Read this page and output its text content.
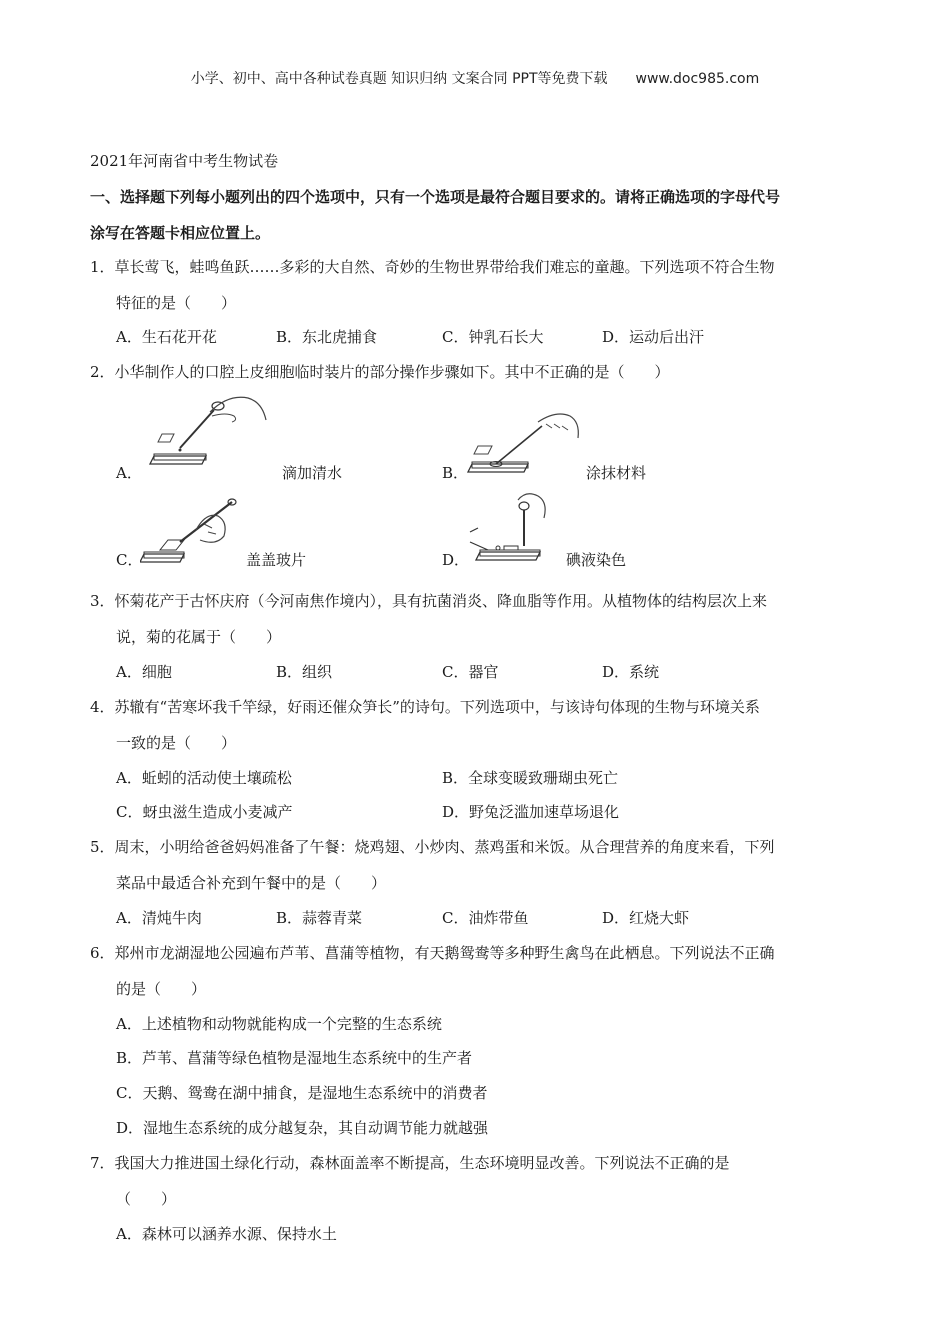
小学、初中、高中各种试卷真题 知识归纳 文案合同 PPT等免费下载 www.doc985.com
2021年河南省中考生物试卷
一、选择题下列每小题列出的四个选项中，只有一个选项是最符合题目要求的。请将正确选项的字母代号
涂写在答题卡相应位置上。
1．草长莺飞，蛙鸣鱼跃……多彩的大自然、奇妙的生物世界带给我们难忘的童趣。下列选项不符合生物
特征的是（　　）
A．生石花开花	B．东北虎捕食	C．钟乳石长大	D．运动后出汗
2．小华制作人的口腔上皮细胞临时装片的部分操作步骤如下。其中不正确的是（　　）
A．	滴加清水	B．	涂抹材料
C．	盖盖玻片	D．	碘液染色
3．怀菊花产于古怀庆府（今河南焦作境内），具有抗菌消炎、降血脂等作用。从植物体的结构层次上来
说，菊的花属于（　　）
A．细胞	B．组织	C．器官	D．系统
4．苏辙有“苦寒坏我千竿绿，好雨还催众笋长”的诗句。下列选项中，与该诗句体现的生物与环境关系
一致的是（　　）
A．蚯蚓的活动使土壤疏松	B．全球变暖致珊瑚虫死亡
C．蚜虫滋生造成小麦减产	D．野兔泛滥加速草场退化
5．周末，小明给爸爸妈妈准备了午餐：烧鸡翅、小炒肉、蒸鸡蛋和米饭。从合理营养的角度来看，下列
菜品中最适合补充到午餐中的是（　　）
A．清炖牛肉	B．蒜蓉青菜	C．油炸带鱼	D．红烧大虾
6．郑州市龙湖湿地公园遍布芦苇、菖蒲等植物，有天鹅鸳鸯等多种野生禽鸟在此栖息。下列说法不正确
的是（　　）
A．上述植物和动物就能构成一个完整的生态系统
B．芦苇、菖蒲等绿色植物是湿地生态系统中的生产者
C．天鹅、鸳鸯在湖中捕食，是湿地生态系统中的消费者
D．湿地生态系统的成分越复杂，其自动调节能力就越强
7．我国大力推进国土绿化行动，森林面盖率不断提高，生态环境明显改善。下列说法不正确的是
（　　）
A．森林可以涵养水源、保持水土
